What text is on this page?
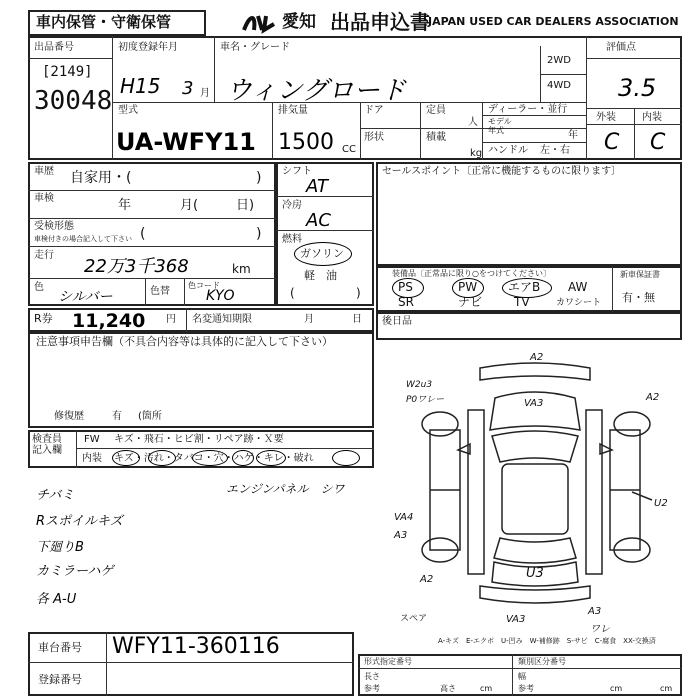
車内保管・守衛保管	愛知 出品申込書
JAPAN USED CAR DEALERS ASSOCIATION
出品番号
[2149]
30048
初度登録年月
H15 3 月
車名・グレード
ウィングロード
2WD
4WD
評価点
3.5
外装	内装
C C
型式
UA-WFY11
排気量
1500 CC
ドア
形状
定員
人
積載
kg
ディーラー・並行
モデル年式	年
ハンドル 左・右
車歴 自家用・(	)
車検	年	月(	日)
受検形態
車検付きの場合記入して下さい (	)
走行
22万3千368	km
色
シルバー	色替
色コード
KYO
シフト
AT
冷房
AC
燃料
ガソリン
軽　油
(	)
セールスポイント〔正常に機能するものに限ります〕
装備品〔正常品に限り○をつけてください〕
PS	PW	エアB AW
SR	ナビ	TV	カワシート
新車保証書
有・無
R券 11,240 円 名変通知期限	月	日 後日品
注意事項申告欄（不具合内容等は具体的に記入して下さい）
修復歴	有 (箇所
検査員
記入欄
FW キズ・飛石・ヒビ割・リペア跡・Ｘ要
内装 キズ・汚れ・タバコ・穴・ハゲ・キレ・破れ
チバミ
Rスポイルキズ
下廻りB
カミラーハゲ
各 A-U
エンジンパネル　シワ
A2
VA3
A2
W2u3
P0ワレー
U2
VA4
A3
U3
A2
VA3
A3
ワレ
スペア
A-キズ　E-エクボ　U-凹み　W-補修跡　S-サビ　C-腐食　XX-交換済
車台番号 WFY11-360116
登録番号
形式指定番号	類別区分番号
長さ	幅
参考	高さ	cm	参考	cm	cm
